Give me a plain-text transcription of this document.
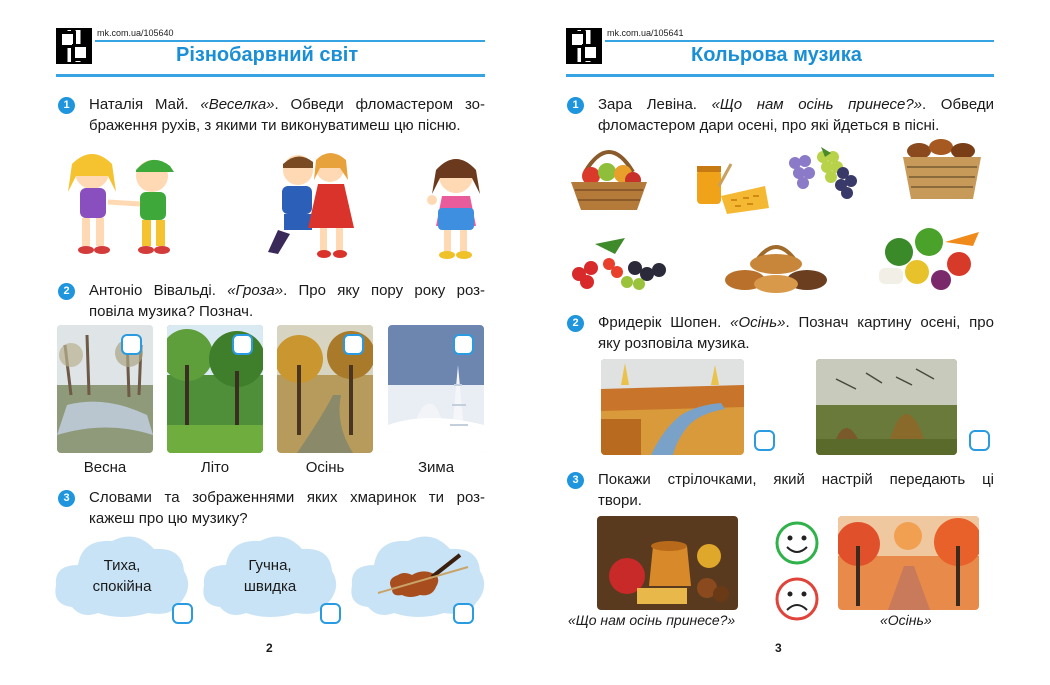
mk.com.ua/105640
Різнобарвний світ
1	Наталія Май. «Веселка». Обведи фломастером зо-
браження рухів, з якими ти виконуватимеш цю пісню.
2	Антоніо Вівальді. «Гроза». Про яку пору року роз-
повіла музика? Познач.
Весна	Літо	Осінь	Зима
3	Словами та зображеннями яких хмаринок ти роз-
кажеш про цю музику?
Тиха,
спокійна
Гучна,
швидка
2
mk.com.ua/105641
Кольрова музика
1	Зара Левіна. «Що нам осінь принесе?». Обведи
фломастером дари осені, про які йдеться в пісні.
2	Фридерік Шопен. «Осінь». Познач картину осені, про
яку розповіла музика.
3	Покажи стрілочками, який настрій передають ці
твори.
«Що нам осінь принесе?»	«Осінь»
3
